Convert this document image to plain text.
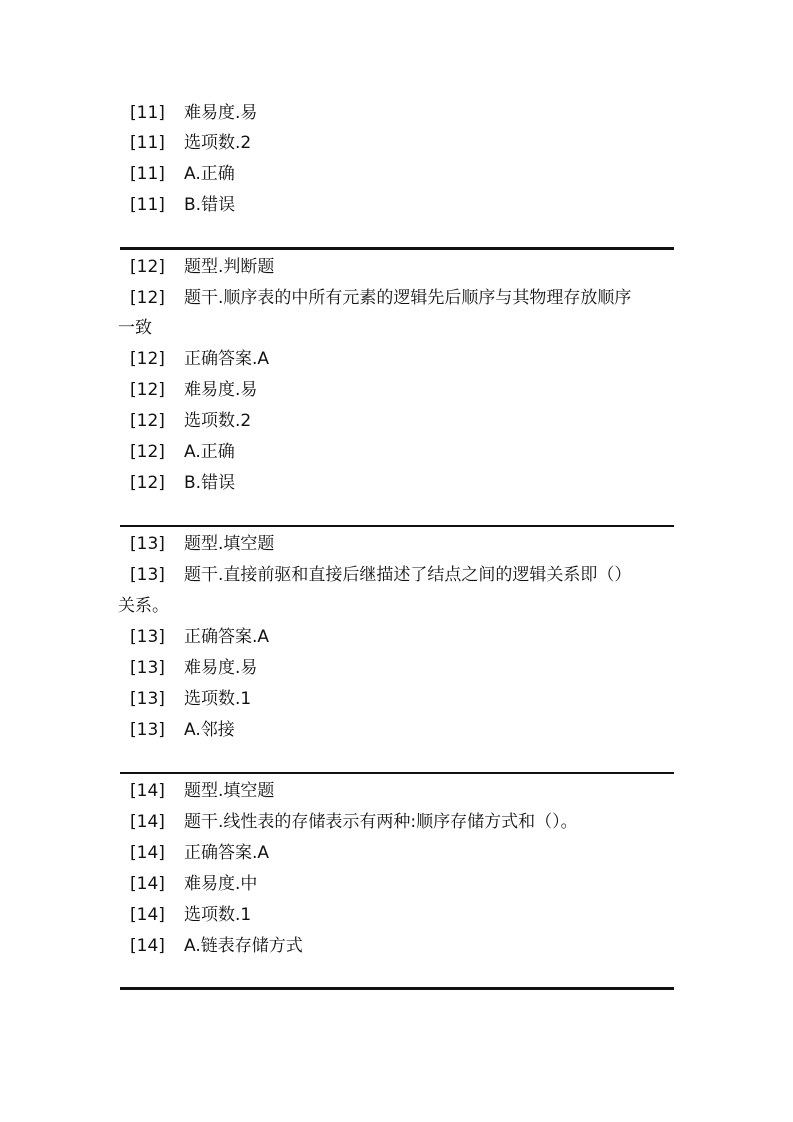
[11] 难易度.易
[11] 选项数.2
[11] A.正确
[11] B.错误
[12] 题型.判断题
[12] 题干.顺序表的中所有元素的逻辑先后顺序与其物理存放顺序
一致
[12] 正确答案.A
[12] 难易度.易
[12] 选项数.2
[12] A.正确
[12] B.错误
[13] 题型.填空题
[13] 题干.直接前驱和直接后继描述了结点之间的逻辑关系即（）
关系。
[13] 正确答案.A
[13] 难易度.易
[13] 选项数.1
[13] A.邻接
[14] 题型.填空题
[14] 题干.线性表的存储表示有两种:顺序存储方式和（）。
[14] 正确答案.A
[14] 难易度.中
[14] 选项数.1
[14] A.链表存储方式
